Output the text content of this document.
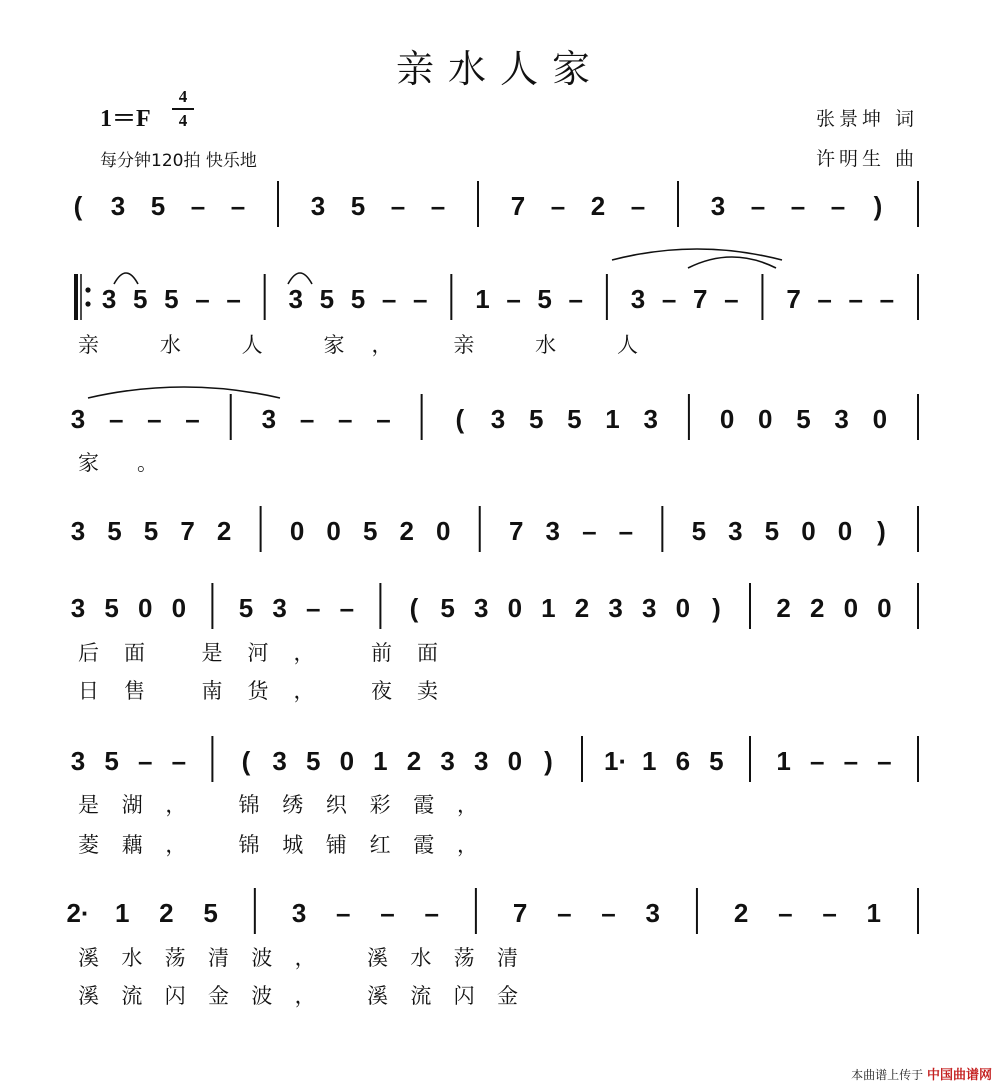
亲水人家
1＝F
4
4
每分钟120拍 快乐地
张景坤 词
许明生 曲
( 3 5 – –	3 5 – –	7 – 2 –	3 – – – )
3 5 5 – – 3 5 5 – – 1 – 5 – 3 – 7 – 7 – – –
亲 水 人 家， 亲 水 人
3 – – – 3 – – – ( 3 5 5 1 3 0 0 5 3 0
家。
3 5 5 7 2 0 0 5 2 0 7 3 – – 5 3 5 0 0 )
3 5 0 0 5 3 – – ( 5 3 0 1 2 3 3 0 ) 2 2 0 0
后面 是河， 前面
日售 南货， 夜卖
3 5 – – ( 3 5 0 1 2 3 3 0 ) 1· 1 6 5 1 – – –
是湖， 锦绣织彩霞，
菱藕， 锦城铺红霞，
2· 1 2 5	3 – – –	7 – – 3	2 – – 1
溪水荡清波， 溪水荡清
溪流闪金波， 溪流闪金
本曲谱上传于 中国曲谱网
